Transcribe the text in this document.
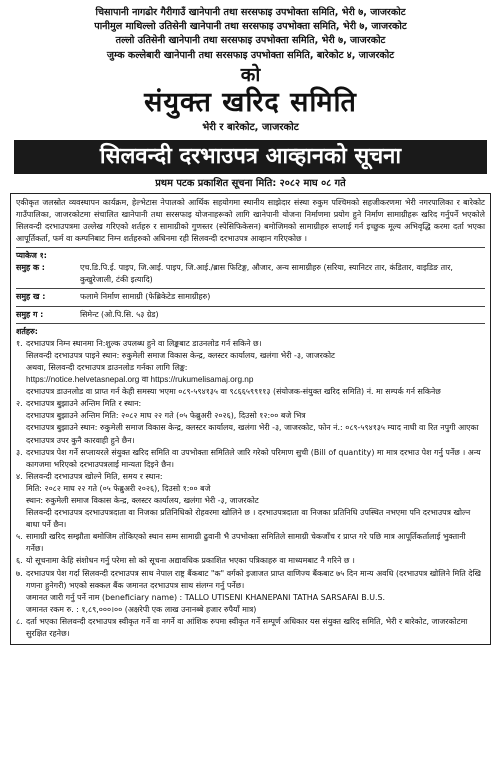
चिसापानी नागढोर गैरीगाउँ खानेपानी तथा सरसफाइ उपभोक्ता समिति, भेरी ७, जाजरकोट
पानीमुल माथिल्लो उतिसेनी खानेपानी तथा सरसफाइ उपभोक्ता समिति, भेरी ७, जाजरकोट
तल्लो उतिसेनी खानेपानी तथा सरसफाइ उपभोक्ता समिति, भेरी ७, जाजरकोट
जुम्क कल्लेबारी खानेपानी तथा सरसफाइ उपभोक्ता समिति, बारेकोट ४, जाजरकोट
को
संयुक्त खरिद समिति
भेरी र बारेकोट, जाजरकोट
सिलवन्दी दरभाउपत्र आव्हानको सूचना
प्रथम पटक प्रकाशित सूचना मिति: २०८२ माघ ०८ गते
एकीकृत जलस्रोत व्यवस्थापन कार्यक्रम, हेल्भेटास नेपालको आर्थिक सहयोगमा स्थानीय साझेदार संस्था रुकुम पश्चिमको सहजीकरणमा भेरी नगरपालिका र बारेकोट गाउँपालिका, जाजरकोटमा संचालित खानेपानी तथा सरसफाइ योजनाहरूको लागि खानेपानी योजना निर्माणमा प्रयोग हुने निर्माण सामाग्रीहरू खरिद गर्नुपर्ने भएकोले सिलवन्दी दरभाउपत्रमा उल्लेख गरिएको शर्तहरु र सामाग्रीको गुणस्तर (स्पेसिफिकेसन) बमोजिमको सामाग्रीहरु सप्लाई गर्न इच्छुक मूल्य अभिवृद्धि करमा दर्ता भएका आपूर्तिकर्ता, फर्म वा कम्पनिबाट निम्न शर्तहरुको अधिनमा रही सिलवन्दी दरभाउपत्र आव्हान गरिएकोछ ।
प्याकेज १:
समुह क :	एच.डि.पि.ई. पाइप, जि.आई. पाइप, जि.आई./ब्रास फिटिङ्ग, औजार, अन्य सामाग्रीहरु (सरिया, स्यानिटर तार, कंडितार, वाइडिङ तार, कुखुरेजाली, टंकी इत्यादि)
समुह ख :	फलामे निर्माण सामाग्री (फेब्रिकेटेड सामाग्रीहरु)
समुह ग :	सिमेन्ट (ओ.पि.सि. ५३ ग्रेड)
शर्तहरु:
१. दरभाउपत्र निम्न स्थानमा नि:शुल्क उपलब्ध हुने वा लिङ्कबाट डाउनलोड गर्न सकिने छ।
सिलवन्दी दरभाउपत्र पाइने स्थान: रुकुमेली समाज विकास केन्द्र, क्लस्टर कार्यालय, खलंगा भेरी -३, जाजरकोट
अथवा, सिलवन्दी दरभाउपत्र डाउनलोड गर्नका लागि लिङ्क:
https://notice.helvetasnepal.org वा https://rukumelisamaj.org.np
दरभाउपत्र डाउनलोड वा प्राप्त गर्न केही समस्या भएमा ०८९-५९४१३५ वा ९८६६५९९११३ (संयोजक-संयुक्त खरिद समिति) नं. मा सम्पर्क गर्न सकिनेछ
२. दरभाउपत्र बुझाउने अन्तिम मिति र स्थान:
दरभाउपत्र बुझाउने अन्तिम मिति: २०८२ माघ २२ गते (०५ फेब्रुअरी २०२६), दिउसो १२:०० बजे भित्र
दरभाउपत्र बुझाउने स्थान: रुकुमेली समाज विकास केन्द्र, क्लस्टर कार्यालय, खलंगा भेरी -३, जाजरकोट, फोन नं.: ०८९-५९४१३५ म्याद नाघी वा रित नपुगी आएका दरभाउपत्र उपर कुनै कारवाही हुने छैन।
३. दरभाउपत्र पेश गर्ने सप्लायरले संयुक्त खरिद समिति वा उपभोक्ता समितिले जारि गरेको परिमाण सुची (Bill of quantity) मा मात्र दरभाउ पेश गर्नु पर्नेछ । अन्य कागजमा भरिएको दरभाउपत्रलाई मान्यता दिइने छैन।
४. सिलवन्दी दरभाउपत्र खोल्ने मिति, समय र स्थान:
मिति: २०८२ माघ २२ गते (०५ फेब्रुअरी २०२६), दिउसो १:०० बजे
स्थान: रुकुमेली समाज विकास केन्द्र, क्लस्टर कार्यालय, खलंगा भेरी -३, जाजरकोट
सिलवन्दी दरभाउपत्र दरभाउपत्रदाता वा निजका प्रतिनिधिको रोहवरमा खोलिने छ । दरभाउपत्रदाता वा निजका प्रतिनिधि उपस्थित नभएमा पनि दरभाउपत्र खोल्न बाधा पर्ने छैन।
५. सामाग्री खरिद सम्झौता बमोजिम तोकिएको स्थान सम्म सामाग्री ढुवानी भै उपभोक्ता समितिले सामाग्री चेकजाँच र प्राप्त गरे पछि मात्र आपूर्तिकर्तालाई भुक्तानी गर्नेछ।
६. यो सूचनामा केहि संशोधन गर्नु परेमा सो को सूचना अद्यावधिक प्रकाशित भएका पत्रिकाहरु वा माध्यमबाट नै गरिने छ ।
७. दरभाउपत्र पेश गर्दा सिलवन्दी दरभाउपत्र साथ नेपाल राष्ट्र बैंकबाट "क" वर्गको इजाजत प्राप्त वाणिज्य बैंकबाट ७५ दिन मान्य अवधि (दरभाउपत्र खोलिने मिति देखि गणना हुनेगरी) भएको सक्कल बैंक जमानत दरभाउपत्र साथ संलग्न गर्नु पर्नेछ।
जमानत जारी गर्नु पर्ने नाम (beneficiary name) : TALLO UTISENI KHANEPANI TATHA SARSAFAI B.U.S.
जमानत रकम रु. : १,८९,०००।०० (अक्षरेपी एक लाख उनानब्बे हजार रुपैयाँ मात्र)
८. दर्ता भएका सिलवन्दी दरभाउपत्र स्वीकृत गर्ने वा नगर्ने वा आंशिक रुपमा स्वीकृत गर्ने सम्पूर्ण अधिकार यस संयुक्त खरिद समिति, भेरी र बारेकोट, जाजरकोटमा सुरक्षित रहनेछ।
